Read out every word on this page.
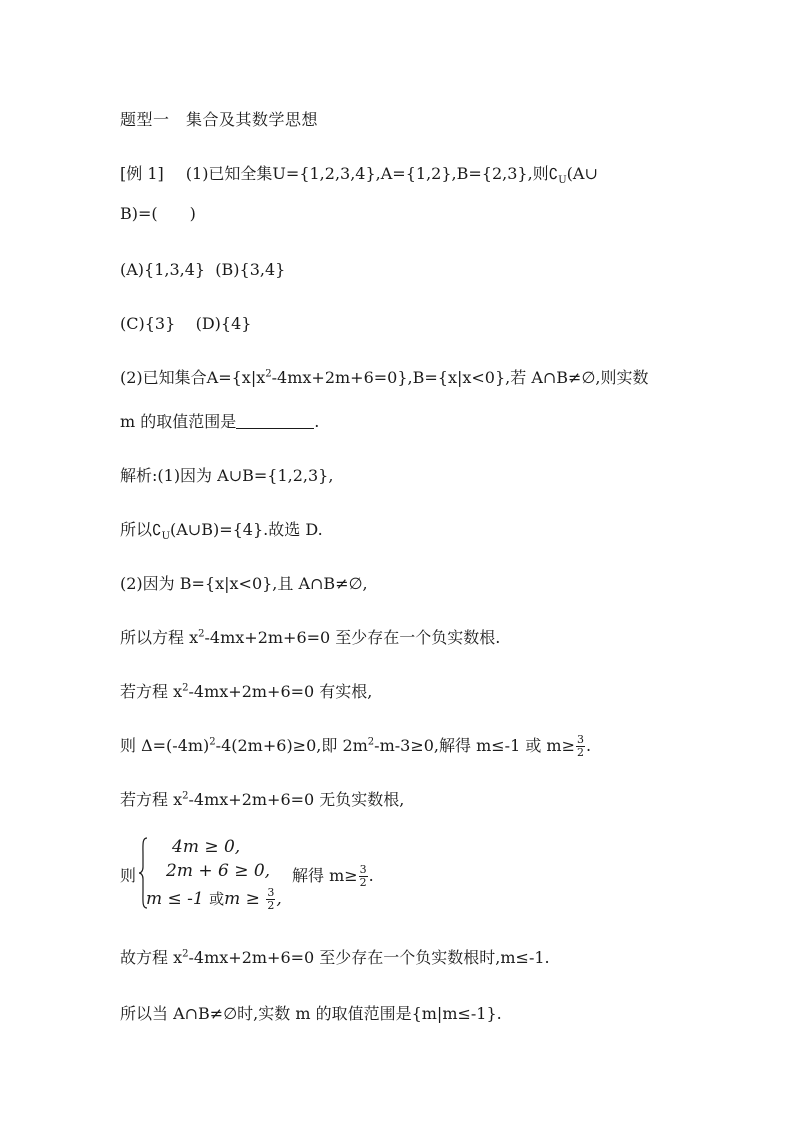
题型一　集合及其数学思想
[例 1] (1)已知全集U={1,2,3,4},A={1,2},B={2,3},则$∁_U(A\cup$
B)=(　　)
(A){1,3,4} (B){3,4}
(C){3} (D){4}
(2)已知集合$A=\{x|x^2-4mx+2m+6=0\},B=\{x|x<0\}$,若 A∩B≠∅,则实数
m 的取值范围是	.
解析:(1)因为 A∪B={1,2,3},
所以$∁_U(A\cup B)=\{4\}$.故选 D.
(2)因为 B={x|x<0},且 A∩B≠∅,
所以方程 $x^2-4mx+2m+6=0$ 至少存在一个负实数根.
若方程 $x^2-4mx+2m+6=0$ 有实根,
则 $\Delta=(-4m)^2-4(2m+6)\ge 0$,即 $2m^2-m-3\ge 0$,解得 m≤-1 或 $m\ge \frac{3}{2}$ .
若方程 $x^2-4mx+2m+6=0$ 无负实数根,
则
4m ≥ 0,
2m + 6 ≥ 0,
m ≤ -1 或$m \ge \frac{3}{2}$ ,
解得 $m\ge \frac{3}{2}$ .
故方程 $x^2-4mx+2m+6=0$ 至少存在一个负实数根时,m≤-1.
所以当 A∩B≠∅时,实数 m 的取值范围是{m|m≤-1}.
